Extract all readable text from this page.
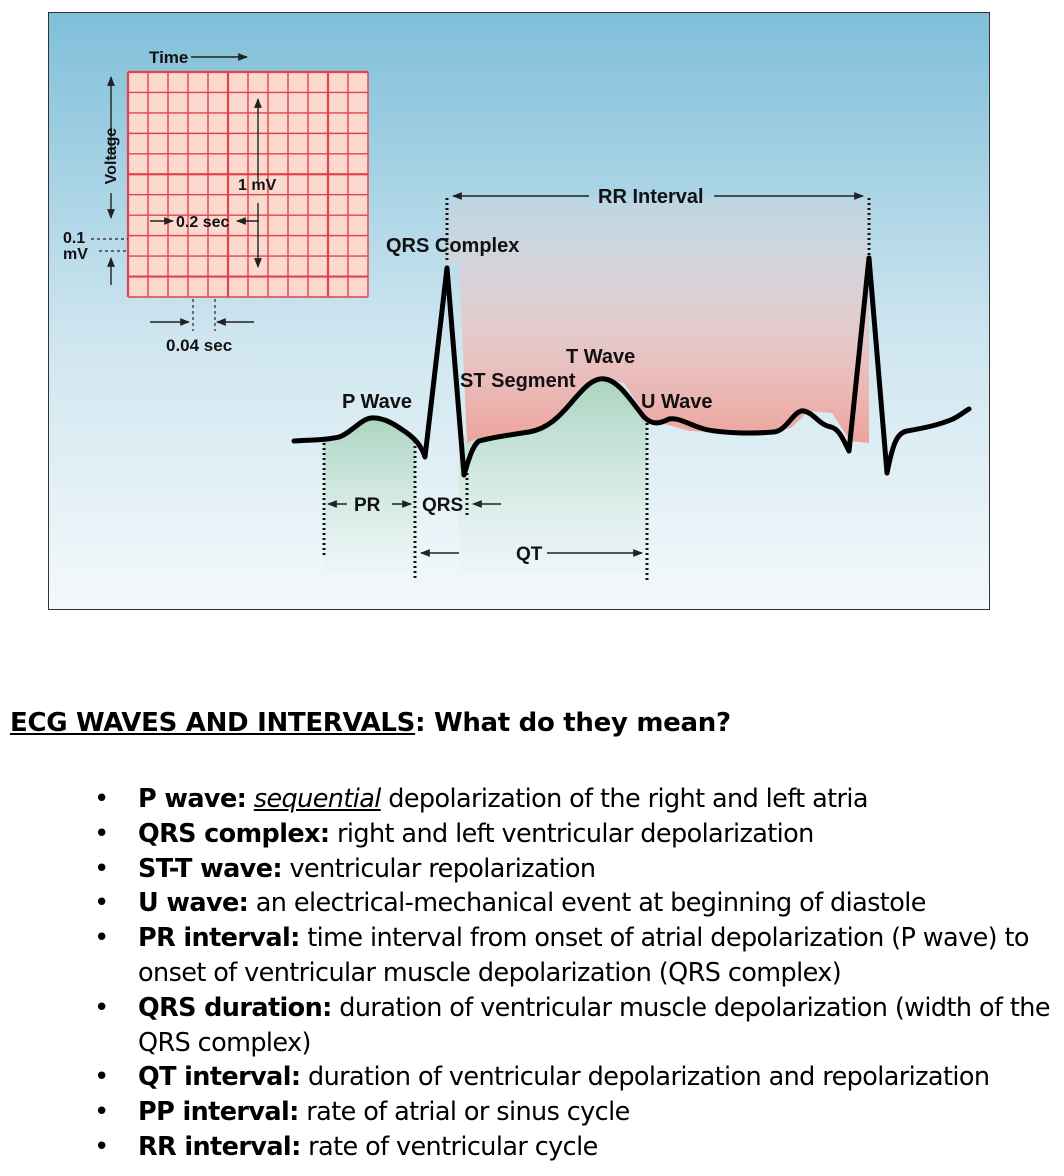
Time
Voltage
1 mV
0.2 sec
0.1
mV
0.04 sec
RR Interval
QRS Complex
T Wave
ST Segment
P Wave	U Wave
PR QRS
QT
ECG WAVES AND INTERVALS: What do they mean?
• P wave: sequential depolarization of the right and left atria
• QRS complex: right and left ventricular depolarization
• ST-T wave: ventricular repolarization
• U wave: an electrical-mechanical event at beginning of diastole
• PR interval: time interval from onset of atrial depolarization (P wave) to onset of ventricular muscle depolarization (QRS complex)
• QRS duration: duration of ventricular muscle depolarization (width of the QRS complex)
• QT interval: duration of ventricular depolarization and repolarization
• PP interval: rate of atrial or sinus cycle
• RR interval: rate of ventricular cycle
